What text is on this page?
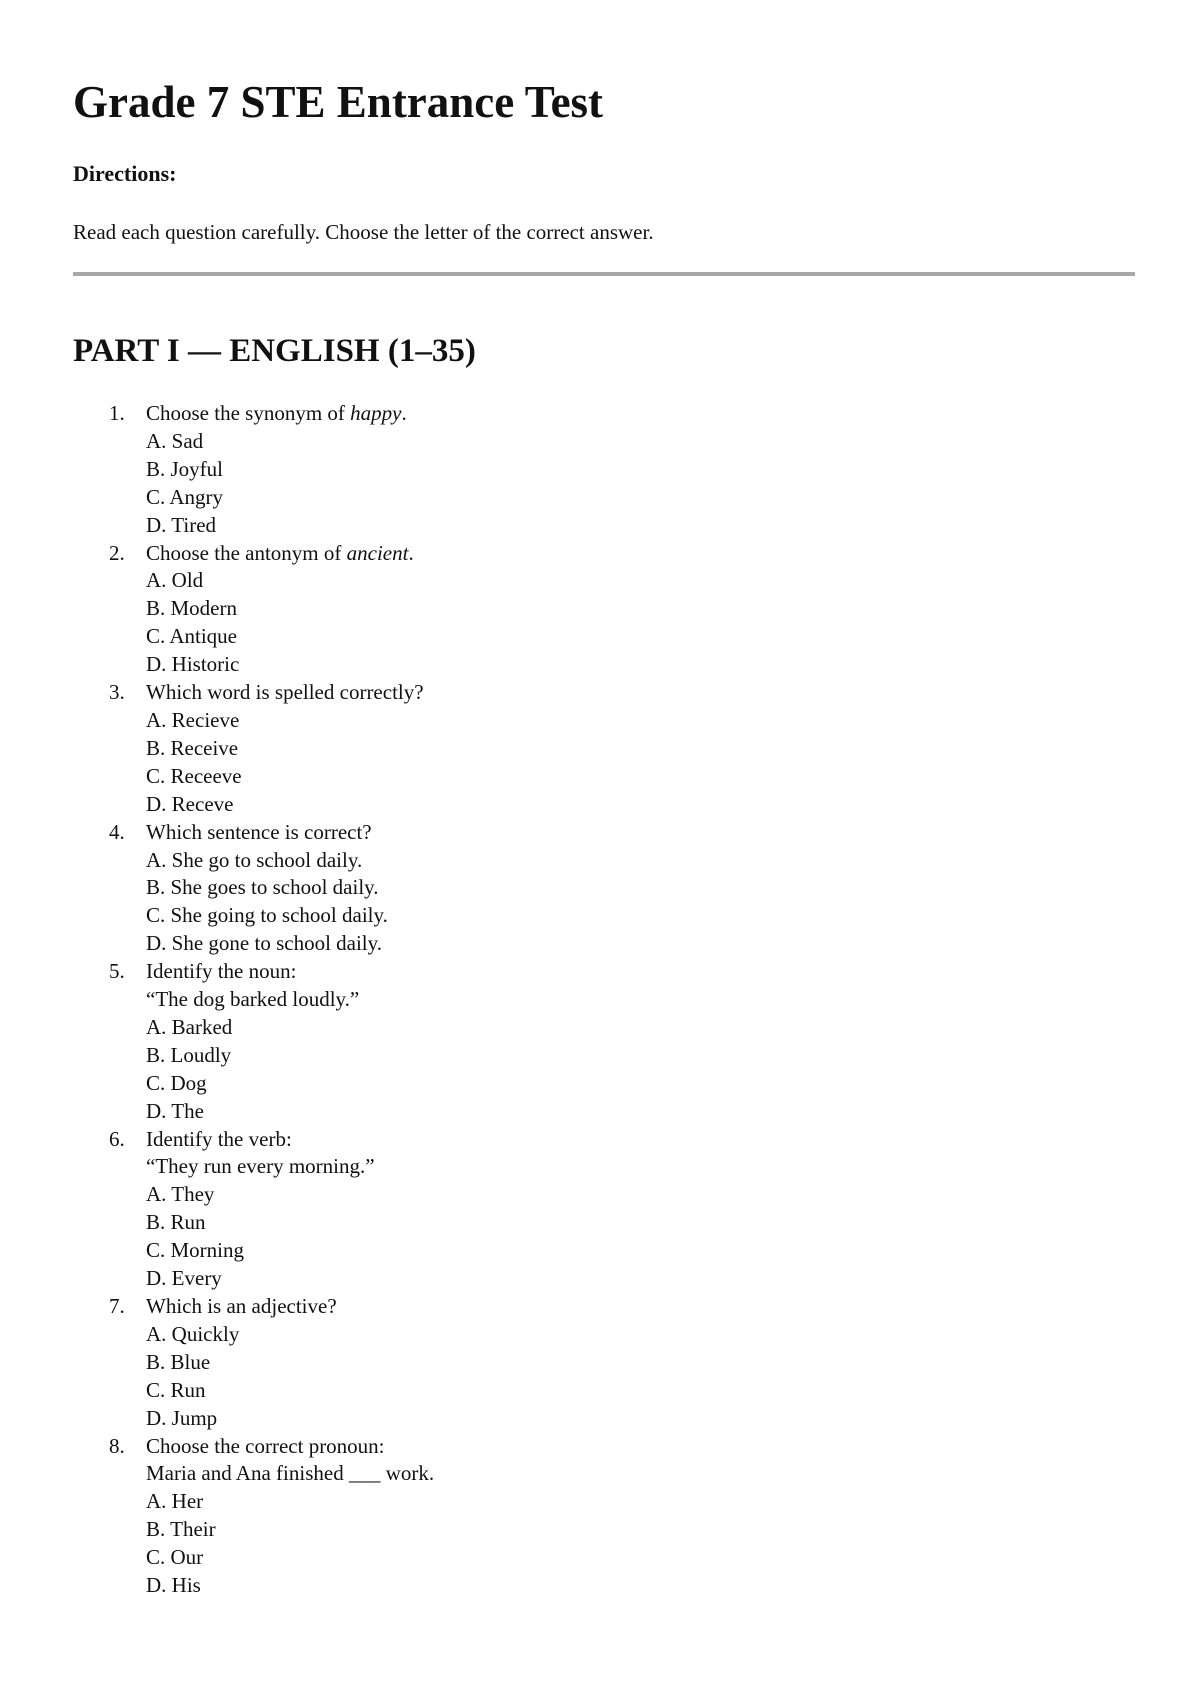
Grade 7 STE Entrance Test
Directions:
Read each question carefully. Choose the letter of the correct answer.
PART I — ENGLISH (1–35)
1. Choose the synonym of happy.
A. Sad
B. Joyful
C. Angry
D. Tired
2. Choose the antonym of ancient.
A. Old
B. Modern
C. Antique
D. Historic
3. Which word is spelled correctly?
A. Recieve
B. Receive
C. Receeve
D. Receve
4. Which sentence is correct?
A. She go to school daily.
B. She goes to school daily.
C. She going to school daily.
D. She gone to school daily.
5. Identify the noun:
“The dog barked loudly.”
A. Barked
B. Loudly
C. Dog
D. The
6. Identify the verb:
“They run every morning.”
A. They
B. Run
C. Morning
D. Every
7. Which is an adjective?
A. Quickly
B. Blue
C. Run
D. Jump
8. Choose the correct pronoun:
Maria and Ana finished ___ work.
A. Her
B. Their
C. Our
D. His
